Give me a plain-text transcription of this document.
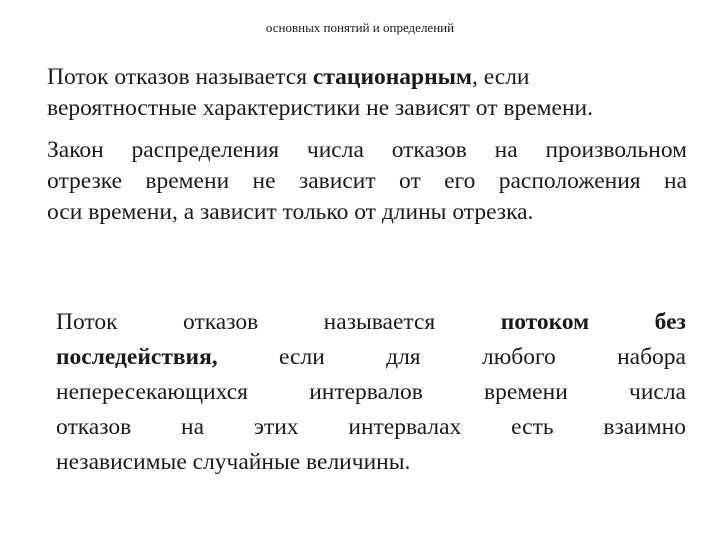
основных понятий и определений
Поток отказов называется стационарным, если
вероятностные характеристики не зависят от времени.
Закон распределения числа отказов на произвольном
отрезке времени не зависит от его расположения на
оси времени, а зависит только от длины отрезка.
Поток отказов называется потоком без
последействия, если для любого набора
непересекающихся интервалов времени числа
отказов на этих интервалах есть взаимно
независимые случайные величины.
